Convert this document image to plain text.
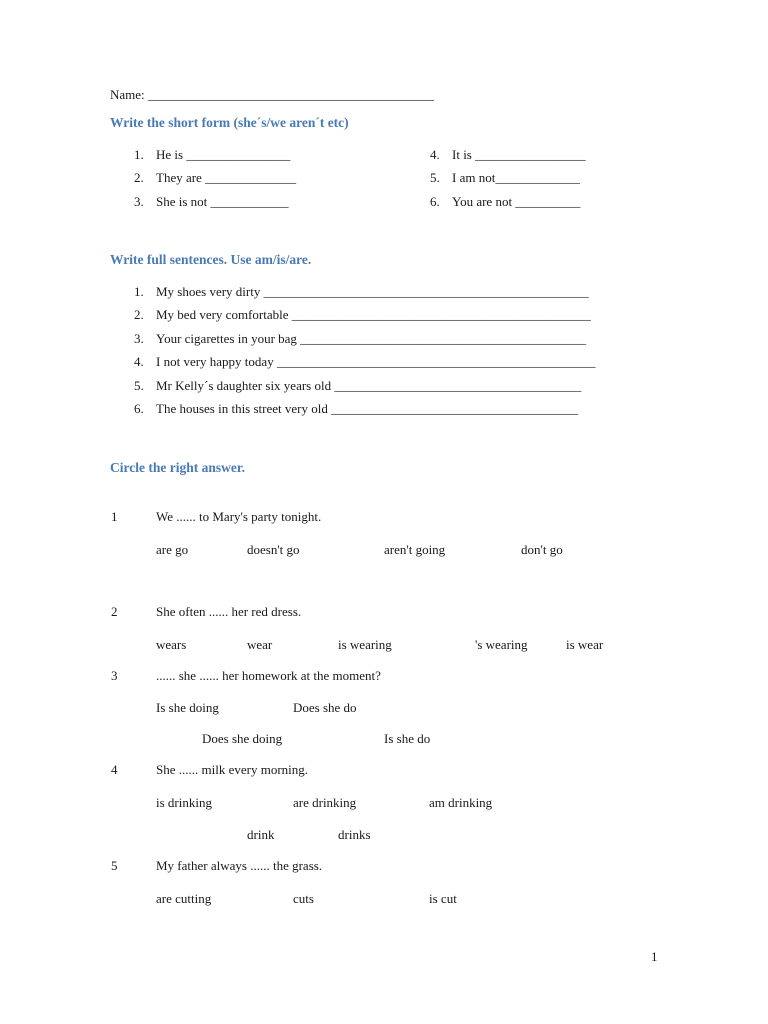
Name: ____________________________________________
Write the short form (she´s/we aren´t etc)
1. He is ________________
2. They are ______________
3. She is not ____________
4. It is _________________
5. I am not_____________
6. You are not __________
Write full sentences. Use am/is/are.
1. My shoes very dirty __________________________________________________
2. My bed very comfortable ______________________________________________
3. Your cigarettes in your bag ____________________________________________
4. I not very happy today _________________________________________________
5. Mr Kelly´s daughter six years old ______________________________________
6. The houses in this street very old ______________________________________
Circle the right answer.
1	We ...... to Mary's party tonight.
are go	doesn't go	aren't going	don't go
2	She often ...... her red dress.
wears	wear	is wearing	's wearing	is wear
3	...... she ...... her homework at the moment?
Is she doing	Does she do
Does she doing	Is she do
4	She ...... milk every morning.
is drinking	are drinking	am drinking
drink	drinks
5	My father always ...... the grass.
are cutting	cuts	is cut
1
